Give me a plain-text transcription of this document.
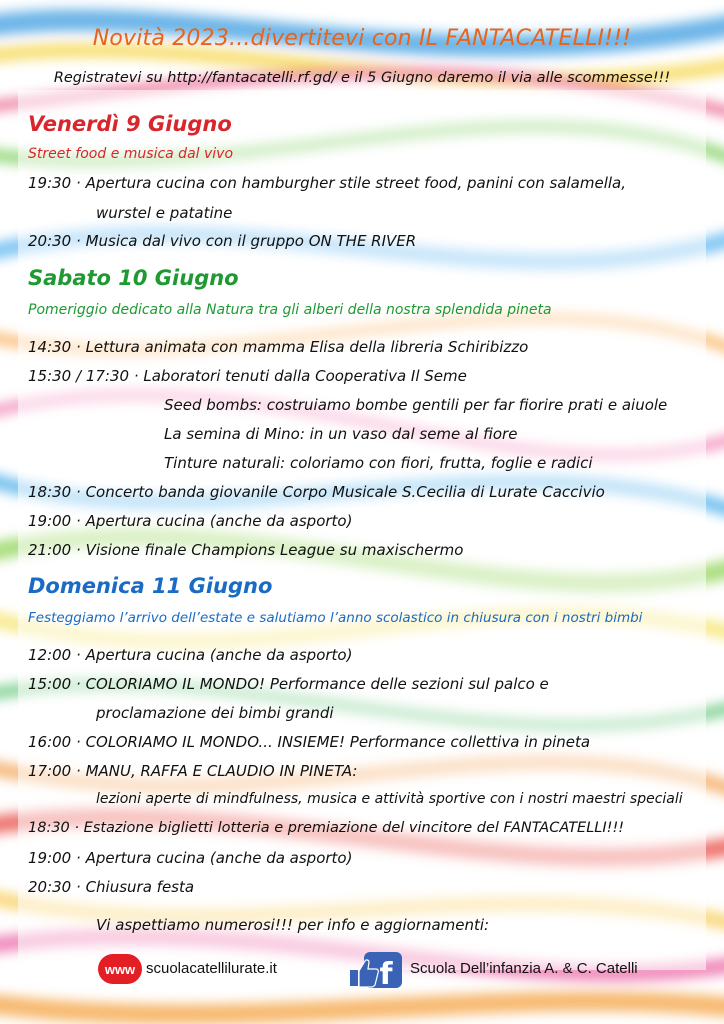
Novità 2023...divertitevi con IL FANTACATELLI!!!
Registratevi su http://fantacatelli.rf.gd/ e il 5 Giugno daremo il via alle scommesse!!!
Venerdì 9 Giugno
Street food e musica dal vivo
19:30 · Apertura cucina con hamburgher stile street food, panini con salamella,
wurstel e patatine
20:30 · Musica dal vivo con il gruppo ON THE RIVER
Sabato 10 Giugno
Pomeriggio dedicato alla Natura tra gli alberi della nostra splendida pineta
14:30 · Lettura animata con mamma Elisa della libreria Schiribizzo
15:30 / 17:30 · Laboratori tenuti dalla Cooperativa Il Seme
Seed bombs: costruiamo bombe gentili per far fiorire prati e aiuole
La semina di Mino: in un vaso dal seme al fiore
Tinture naturali: coloriamo con fiori, frutta, foglie e radici
18:30 · Concerto banda giovanile Corpo Musicale S.Cecilia di Lurate Caccivio
19:00 · Apertura cucina (anche da asporto)
21:00 · Visione finale Champions League su maxischermo
Domenica 11 Giugno
Festeggiamo l’arrivo dell’estate e salutiamo l’anno scolastico in chiusura con i nostri bimbi
12:00 · Apertura cucina (anche da asporto)
15:00 · COLORIAMO IL MONDO! Performance delle sezioni sul palco e
proclamazione dei bimbi grandi
16:00 · COLORIAMO IL MONDO... INSIEME! Performance collettiva in pineta
17:00 · MANU, RAFFA E CLAUDIO IN PINETA:
lezioni aperte di mindfulness, musica e attività sportive con i nostri maestri speciali
18:30 · Estazione biglietti lotteria e premiazione del vincitore del FANTACATELLI!!!
19:00 · Apertura cucina (anche da asporto)
20:30 · Chiusura festa
Vi aspettiamo numerosi!!! per info e aggiornamenti:
www scuolacatellilurate.it	f Scuola Dell’infanzia A. & C. Catelli
